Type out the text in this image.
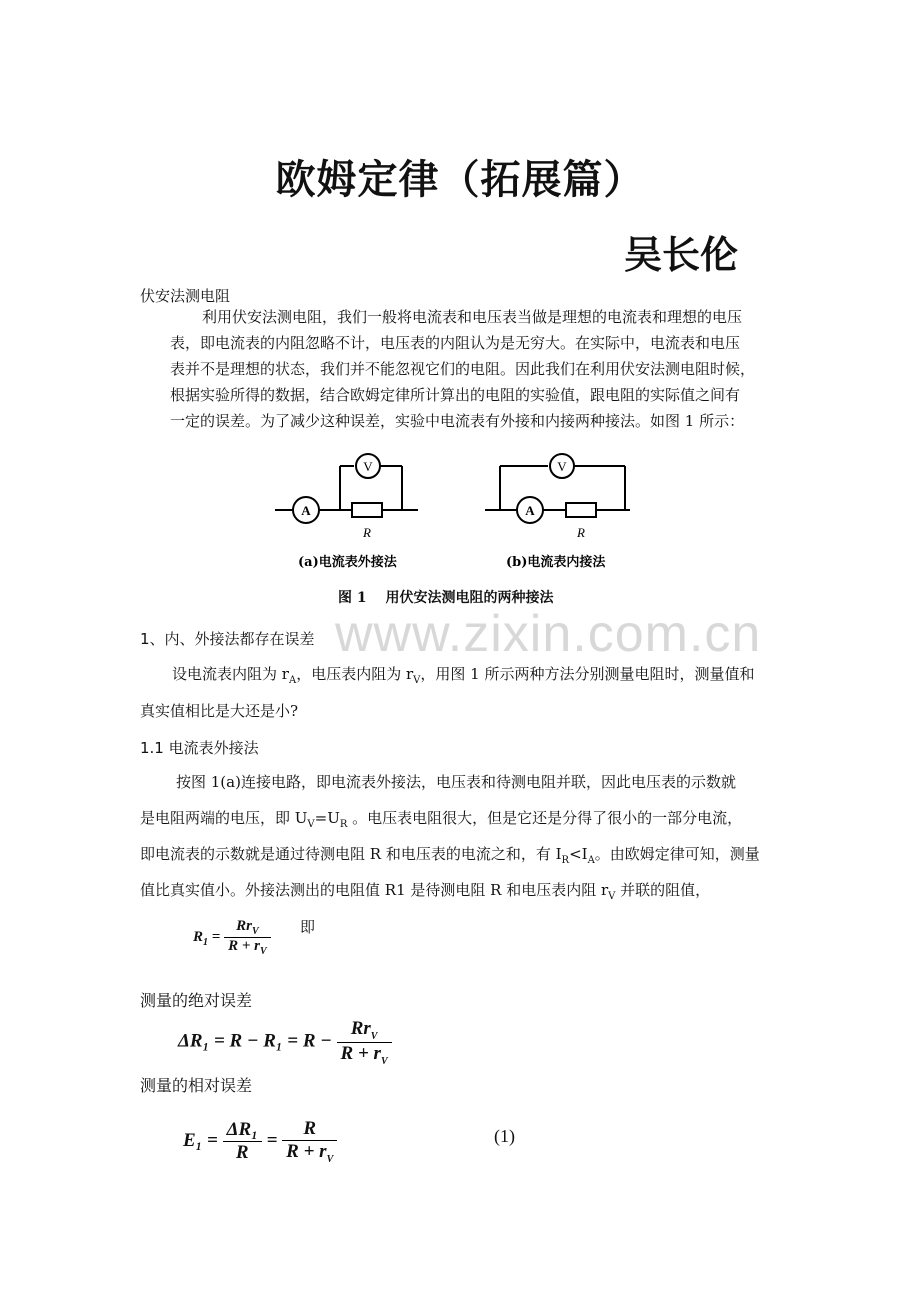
欧姆定律（拓展篇）
吴长伦
伏安法测电阻
利用伏安法测电阻，我们一般将电流表和电压表当做是理想的电流表和理想的电压
表，即电流表的内阻忽略不计，电压表的内阻认为是无穷大。在实际中，电流表和电压
表并不是理想的状态，我们并不能忽视它们的电阻。因此我们在利用伏安法测电阻时候，
根据实验所得的数据，结合欧姆定律所计算出的电阻的实验值，跟电阻的实际值之间有
一定的误差。为了减少这种误差，实验中电流表有外接和内接两种接法。如图 1 所示：
V
A
R
V
A
R
(a)电流表外接法	(b)电流表内接法
图 1　 用伏安法测电阻的两种接法
www.zixin.com.cn
1、内、外接法都存在误差
设电流表内阻为 $r_A$，电压表内阻为 $r_V$，用图 1 所示两种方法分别测量电阻时，测量值和
真实值相比是大还是小?
1.1 电流表外接法
按图 1(a)连接电路，即电流表外接法，电压表和待测电阻并联，因此电压表的示数就
是电阻两端的电压，即 $U_V=U_R$ 。电压表电阻很大，但是它还是分得了很小的一部分电流，
即电流表的示数就是通过待测电阻 R 和电压表的电流之和，有 $I_R<I_A$。由欧姆定律可知，测量
值比真实值小。外接法测出的电阻值 R1 是待测电阻 R 和电压表内阻 $r_V$ 并联的阻值，
$R_1 = \frac{Rr_V}{R + r_V}$ 即
测量的绝对误差
$\Delta R_1 = R - R_1 = R - \frac{Rr_V}{R + r_V}$
测量的相对误差
$E_1 = \frac{\text{ΔR₁}}{R} = \frac{R}{R + r_V}$	(1)
